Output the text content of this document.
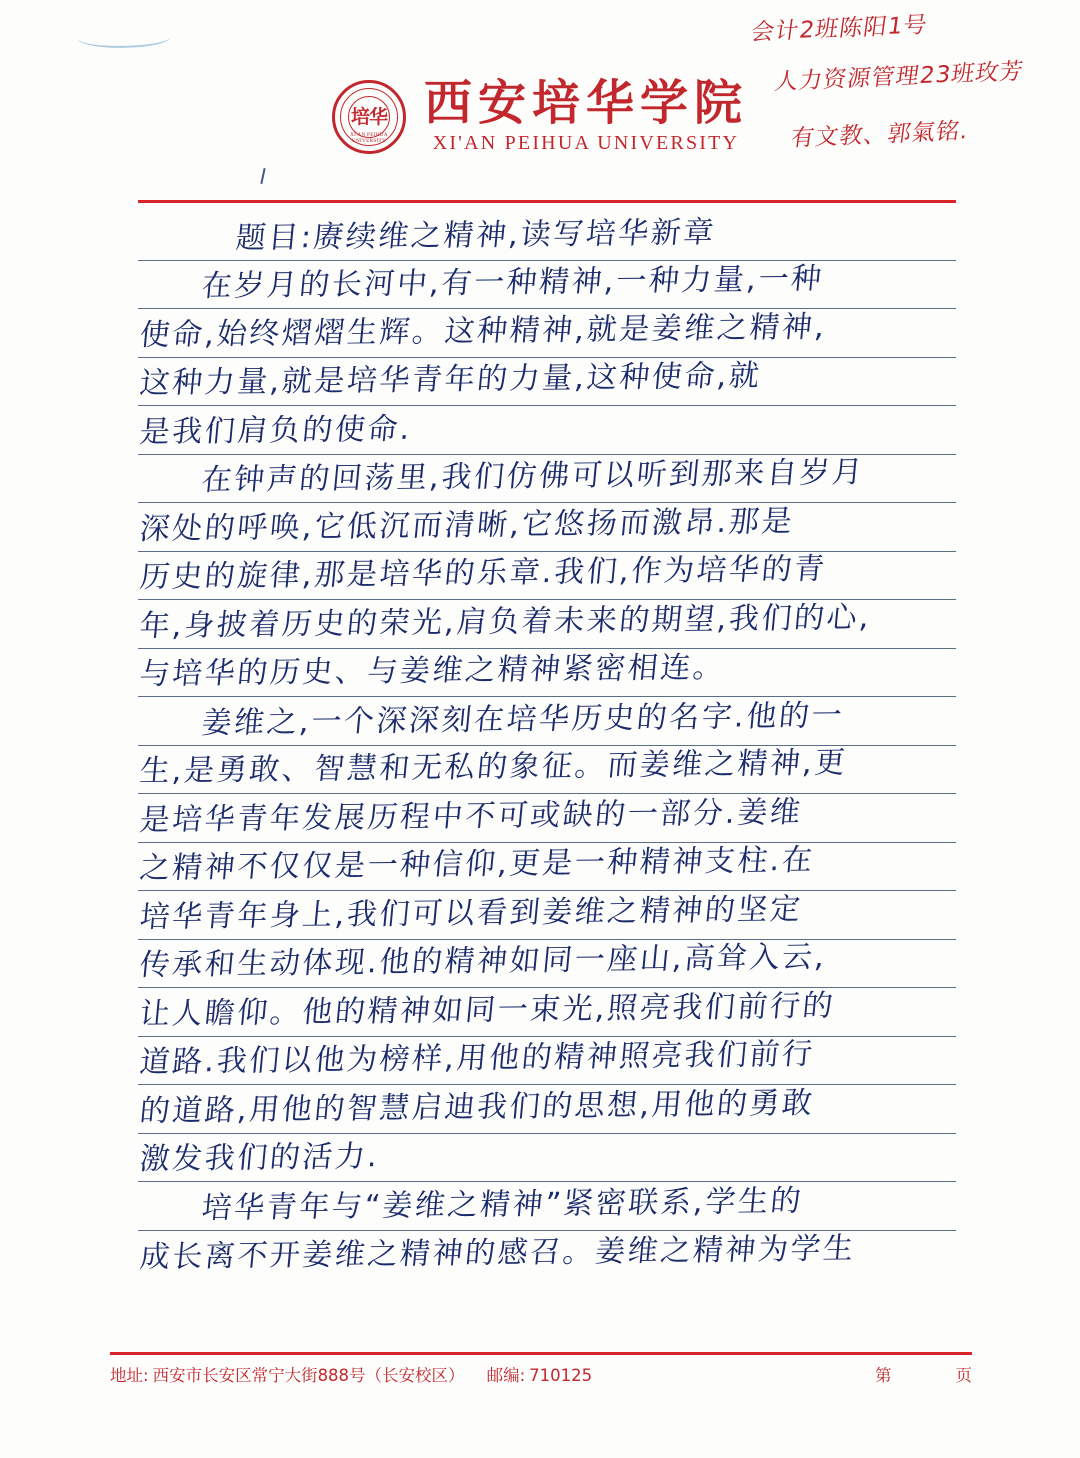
培华
XI'AN PEIHUA UNIVERSITY
西安培华学院
XI'AN PEIHUA UNIVERSITY
会计2班陈阳1号
人力资源管理23班玫芳
有文教、郭氣铭.
题目:赓续维之精神,读写培华新章
在岁月的长河中,有一种精神,一种力量,一种
使命,始终熠熠生辉。这种精神,就是姜维之精神,
这种力量,就是培华青年的力量,这种使命,就
是我们肩负的使命.
在钟声的回荡里,我们仿佛可以听到那来自岁月
深处的呼唤,它低沉而清晰,它悠扬而激昂.那是
历史的旋律,那是培华的乐章.我们,作为培华的青
年,身披着历史的荣光,肩负着未来的期望,我们的心,
与培华的历史、与姜维之精神紧密相连。
姜维之,一个深深刻在培华历史的名字.他的一
生,是勇敢、智慧和无私的象征。而姜维之精神,更
是培华青年发展历程中不可或缺的一部分.姜维
之精神不仅仅是一种信仰,更是一种精神支柱.在
培华青年身上,我们可以看到姜维之精神的坚定
传承和生动体现.他的精神如同一座山,高耸入云,
让人瞻仰。他的精神如同一束光,照亮我们前行的
道路.我们以他为榜样,用他的精神照亮我们前行
的道路,用他的智慧启迪我们的思想,用他的勇敢
激发我们的活力.
培华青年与“姜维之精神”紧密联系,学生的
成长离不开姜维之精神的感召。姜维之精神为学生
地址: 西安市长安区常宁大街888号（长安校区） 邮编: 710125	第	页
